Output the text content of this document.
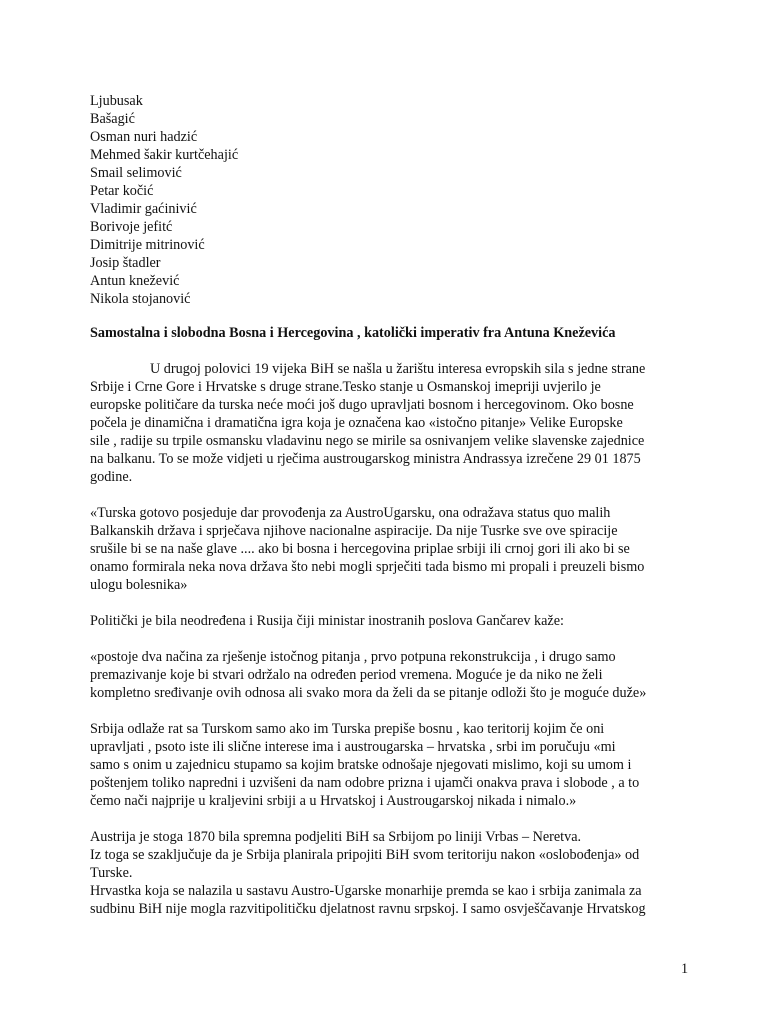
Ljubusak
Bašagić
Osman nuri hadzić
Mehmed šakir kurtčehajić
Smail selimović
Petar kočić
Vladimir gaćinivić
Borivoje jefitć
Dimitrije mitrinović
Josip štadler
Antun knežević
Nikola stojanović

Samostalna i slobodna Bosna i Hercegovina , katolički imperativ fra Antuna Kneževića

U drugoj polovici 19 vijeka BiH se našla u žarištu interesa evropskih sila s jedne strane
Srbije i Crne Gore i Hrvatske s druge strane.Tesko stanje u Osmanskoj imepriji uvjerilo je
europske političare da turska neće moći još dugo upravljati bosnom i hercegovinom. Oko bosne
počela je dinamična i dramatična igra koja je označena kao «istočno pitanje» Velike Europske
sile , radije su trpile osmansku vladavinu nego se mirile sa osnivanjem velike slavenske zajednice
na balkanu. To se može vidjeti u rječima austrougarskog ministra Andrassya izrečene 29 01 1875
godine.

«Turska gotovo posjeduje dar provođenja za AustroUgarsku, ona odražava status quo malih
Balkanskih država i sprječava njihove nacionalne aspiracije. Da nije Tusrke sve ove spiracije
srušile bi se na naše glave .... ako bi bosna i hercegovina priplae srbiji ili crnoj gori ili ako bi se
onamo formirala neka nova država što nebi mogli sprječiti tada bismo mi propali i preuzeli bismo
ulogu bolesnika»

Politički je bila neodređena i Rusija čiji ministar inostranih poslova Gančarev kaže:

«postoje dva načina za rješenje istočnog pitanja , prvo potpuna rekonstrukcija , i drugo samo
premazivanje koje bi stvari održalo na određen period vremena. Moguće je da niko ne želi
kompletno sređivanje ovih odnosa ali svako mora da želi da se pitanje odloži što je moguće duže»

Srbija odlaže rat sa Turskom samo ako im Turska prepiše bosnu , kao teritorij kojim če oni
upravljati , psoto iste ili slične interese ima i austrougarska – hrvatska , srbi im poručuju «mi
samo s onim u zajednicu stupamo sa kojim bratske odnošaje njegovati mislimo, koji su umom i
poštenjem toliko napredni i uzvišeni da nam odobre prizna i ujamči onakva prava i slobode , a to
čemo nači najprije u kraljevini srbiji a u Hrvatskoj i Austrougarskoj nikada i nimalo.»

Austrija je stoga 1870 bila spremna podjeliti BiH sa Srbijom po liniji Vrbas – Neretva.
Iz toga se szaključuje da je Srbija planirala pripojiti BiH svom teritoriju nakon «oslobođenja» od
Turske.
Hrvastka koja se nalazila u sastavu Austro-Ugarske monarhije premda se kao i srbija zanimala za
sudbinu BiH nije mogla razvitipolitičku djelatnost ravnu srpskoj. I samo osvješčavanje Hrvatskog

1
